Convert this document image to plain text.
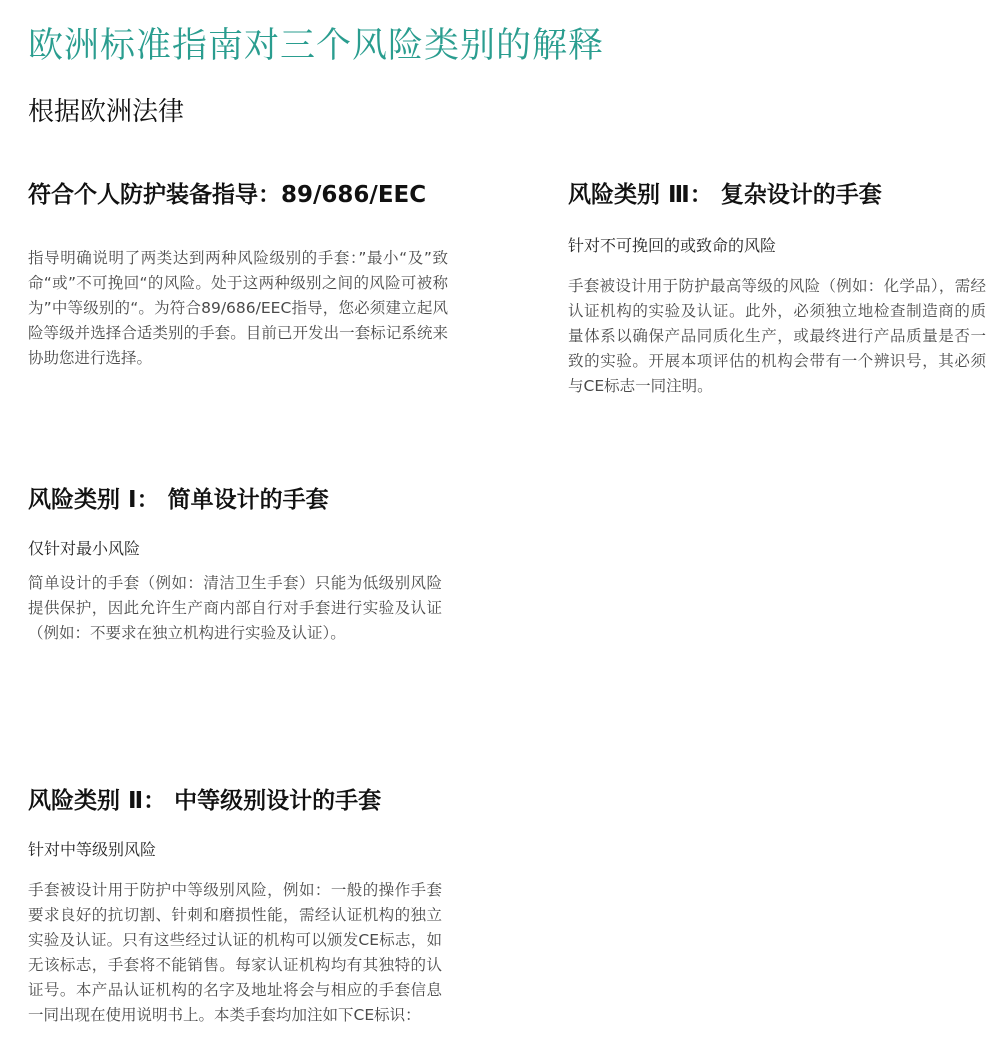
欧洲标准指南对三个风险类别的解释
根据欧洲法律
符合个人防护装备指导：89/686/EEC

指导明确说明了两类达到两种风险级别的手套：”最小“及”致命“或”不可挽回“的风险。处于这两种级别之间的风险可被称为”中等级别的“。为符合89/686/EEC指导，您必须建立起风险等级并选择合适类别的手套。目前已开发出一套标记系统来协助您进行选择。

风险类别 Ⅲ： 复杂设计的手套

针对不可挽回的或致命的风险

手套被设计用于防护最高等级的风险（例如：化学品），需经认证机构的实验及认证。此外，必须独立地检查制造商的质量体系以确保产品同质化生产，或最终进行产品质量是否一致的实验。开展本项评估的机构会带有一个辨识号，其必须与CE标志一同注明。

风险类别 Ⅰ： 简单设计的手套

仅针对最小风险

简单设计的手套（例如：清洁卫生手套）只能为低级别风险提供保护，因此允许生产商内部自行对手套进行实验及认证（例如：不要求在独立机构进行实验及认证）。

风险类别 Ⅱ： 中等级别设计的手套

针对中等级别风险

手套被设计用于防护中等级别风险，例如：一般的操作手套要求良好的抗切割、针刺和磨损性能，需经认证机构的独立实验及认证。只有这些经过认证的机构可以颁发CE标志，如无该标志，手套将不能销售。每家认证机构均有其独特的认证号。本产品认证机构的名字及地址将会与相应的手套信息一同出现在使用说明书上。本类手套均加注如下CE标识：
